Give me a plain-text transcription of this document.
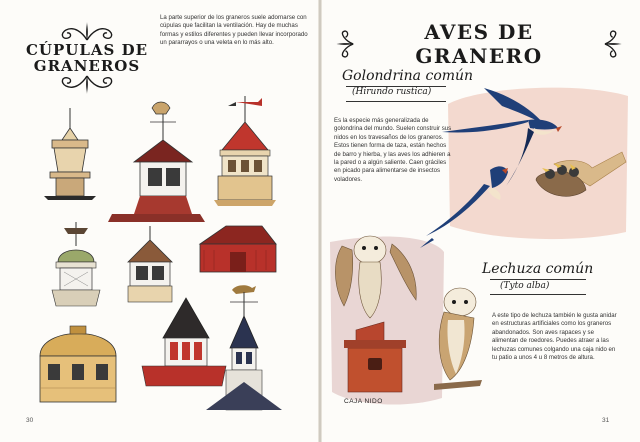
CÚPULAS DE
GRANEROS

La parte superior de los graneros suele adornarse con cúpulas que facilitan la ventilación. Hay de muchas formas y estilos diferentes y pueden llevar incorporado un pararrayos o una veleta en lo más alto.

30
AVES DE GRANERO
Golondrina común
(Hirundo rustica)

Es la especie más generalizada de golondrina del mundo. Suelen construir sus nidos en los travesaños de los graneros. Estos tienen forma de taza, están hechos de barro y hierba, y las aves los adhieren a la pared o a algún saliente. Caen gráciles en picado para alimentarse de insectos voladores.

Lechuza común
(Tyto alba)

A este tipo de lechuza también le gusta anidar en estructuras artificiales como los graneros abandonados. Son aves rapaces y se alimentan de roedores. Puedes atraer a las lechuzas comunes colgando una caja nido en tu patio a unos 4 u 8 metros de altura.

CAJA NIDO
31
